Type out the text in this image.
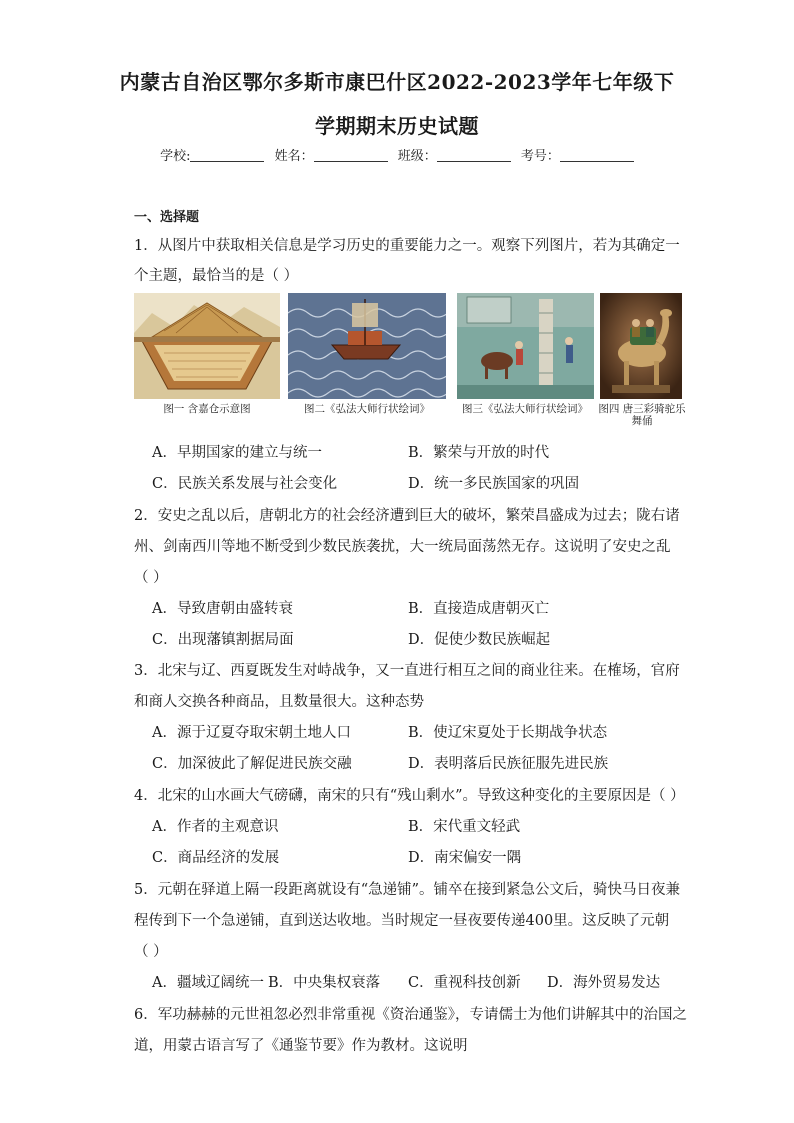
内蒙古自治区鄂尔多斯市康巴什区2022-2023学年七年级下
学期期末历史试题
学校:	姓名：	班级：	考号：
一、选择题
1．从图片中获取相关信息是学习历史的重要能力之一。观察下列图片，若为其确定一
个主题，最恰当的是（ ）
图一 含嘉仓示意图	图二《弘法大师行状绘词》	图三《弘法大师行状绘词》 图四 唐三彩骑驼乐舞俑
A．早期国家的建立与统一	B．繁荣与开放的时代
C．民族关系发展与社会变化	D．统一多民族国家的巩固
2．安史之乱以后，唐朝北方的社会经济遭到巨大的破坏，繁荣昌盛成为过去；陇右诸
州、剑南西川等地不断受到少数民族袭扰，大一统局面荡然无存。这说明了安史之乱
（ ）
A．导致唐朝由盛转衰	B．直接造成唐朝灭亡
C．出现藩镇割据局面	D．促使少数民族崛起
3．北宋与辽、西夏既发生对峙战争，又一直进行相互之间的商业往来。在榷场，官府
和商人交换各种商品，且数量很大。这种态势
A．源于辽夏夺取宋朝土地人口	B．使辽宋夏处于长期战争状态
C．加深彼此了解促进民族交融	D．表明落后民族征服先进民族
4．北宋的山水画大气磅礴，南宋的只有“残山剩水”。导致这种变化的主要原因是（ ）
A．作者的主观意识	B．宋代重文轻武
C．商品经济的发展	D．南宋偏安一隅
5．元朝在驿道上隔一段距离就设有“急递铺”。铺卒在接到紧急公文后，骑快马日夜兼
程传到下一个急递铺，直到送达收地。当时规定一昼夜要传递400里。这反映了元朝
（ ）
A．疆域辽阔统一 B．中央集权衰落 C．重视科技创新 D．海外贸易发达
6．军功赫赫的元世祖忽必烈非常重视《资治通鉴》，专请儒士为他们讲解其中的治国之
道，用蒙古语言写了《通鉴节要》作为教材。这说明
